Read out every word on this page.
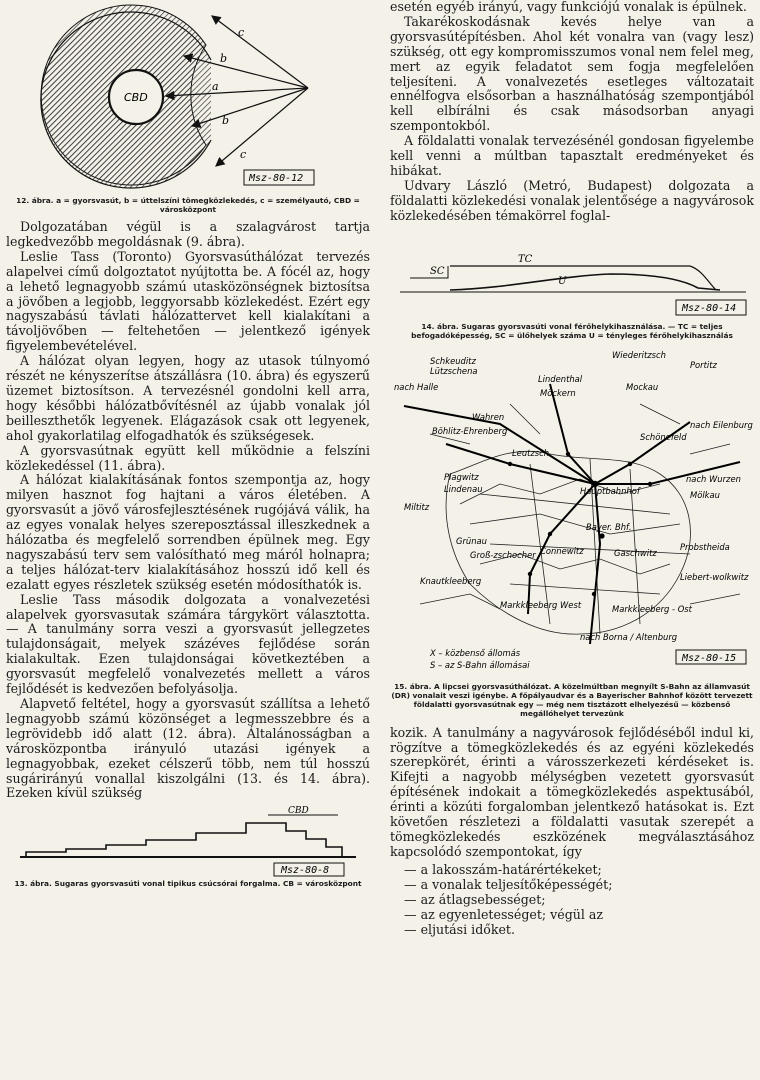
CBD
c
b
a
b
c
Msz-80-12
12. ábra. a = gyorsvasút, b = úttelszíni tömegközlekedés, c = személyautó, CBD = városközpont

Dolgozatában végül is a szalagvárost tartja legkedvezőbb megoldásnak (9. ábra).

Leslie Tass (Toronto) Gyorsvasúthálózat tervezés alapelvei című dolgoztatot nyújtotta be. A fócél az, hogy a lehető legnagyobb számú utasközönségnek biztosítsa a jövőben a legjobb, leggyorsabb közlekedést. Ezért egy nagyszabású távlati hálózattervet kell kialakítani a távoljövőben — feltehetően — jelentkező igények figyelembevételével.

A hálózat olyan legyen, hogy az utasok túlnyomó részét ne kényszerítse átszállásra (10. ábra) és egyszerű üzemet biztosítson. A tervezésnél gondolni kell arra, hogy későbbi hálózatbővítésnél az újabb vonalak jól beilleszthetők legyenek. Elágazások csak ott legyenek, ahol gyakorlatilag elfogadhatók és szükségesek.

A gyorsvasútnak együtt kell működnie a felszíni közlekedéssel (11. ábra).

A hálózat kialakításának fontos szempontja az, hogy milyen hasznot fog hajtani a város életében. A gyorsvasút a jövő városfejlesztésének rugójává válik, ha az egyes vonalak helyes szereposztással illeszkednek a hálózatba és megfelelő sorrendben épülnek meg. Egy nagyszabású terv sem valósítható meg máról holnapra; a teljes hálózat-terv kialakításához hosszú idő kell és ezalatt egyes részletek szükség esetén módosíthatók is.

Leslie Tass második dolgozata a vonalvezetési alapelvek gyorsvasutak számára tárgykört választotta. — A tanulmány sorra veszi a gyorsvasút jellegzetes tulajdonságait, melyek százéves fejlődése során kialakultak. Ezen tulajdonságai következtében a gyorsvasút megfelelő vonalvezetés mellett a város fejlődését is kedvezően befolyásolja.

Alapvető feltétel, hogy a gyorsvasút szállítsa a lehető legnagyobb számú közönséget a legmesszebbre és a legrövidebb idő alatt (12. ábra). Általánosságban a városközpontba irányuló utazási igények a legnagyobbak, ezeket célszerű több, nem túl hosszú sugárirányú vonallal kiszolgálni (13. és 14. ábra). Ezeken kívül szükség

CBD
Msz-80-8
13. ábra. Sugaras gyorsvasúti vonal tipikus csúcsórai forgalma. CB = városközpont

esetén egyéb irányú, vagy funkciójú vonalak is épülnek.

Takarékoskodásnak kevés helye van a gyorsvasútépítésben. Ahol két vonalra van (vagy lesz) szükség, ott egy kompromisszumos vonal nem felel meg, mert az egyik feladatot sem fogja megfelelően teljesíteni. A vonalvezetés esetleges változatait ennélfogva elsősorban a használhatóság szempontjából kell elbírálni és csak másodsorban anyagi szempontokból.

A földalatti vonalak tervezésénél gondosan figyelembe kell venni a múltban tapasztalt eredményeket és hibákat.

Udvary László (Metró, Budapest) dolgozata a földalatti közlekedési vonalak jelentősége a nagyvárosok közlekedésében témakörrel foglal-

TC
SC
U
Msz-80-14
14. ábra. Sugaras gyorsvasúti vonal férőhelykihasználása. — TC = teljes befogadóképesség, SC = ülőhelyek száma U = tényleges férőhelykihasználás
Schkeuditz
Lützschena
nach Halle
Wiederitzsch
Portitz
Lindenthal
Möckern
Mockau
Wahren
Böhlitz-Ehrenberg
Schönefeld
nach Eilenburg
Leutzsch
Plagwitz
Lindenau	Hauptbahnhof
nach Wurzen
Mölkau
Miltitz
Bayer. Bhf.
Grünau
Groß-zschocher Connewitz	Gaschwitz
Probstheida
Knautkleeberg	Liebert-wolkwitz
Markkleeberg West	Markkleeberg - Ost
nach Borna / Altenburg
X – közbenső állomás
S – az S-Bahn állomásai
Msz-80-15
15. ábra. A lipcsei gyorsvasúthálózat. A közelmúltban megnyílt S-Bahn az államvasút (DR) vonalait veszi igénybe. A főpályaudvar és a Bayerischer Bahnhof között tervezett földalatti gyorsvasútnak egy — még nem tisztázott elhelyezésű — közbenső megállóhelyet tervezünk

kozik. A tanulmány a nagyvárosok fejlődéséből indul ki, rögzítve a tömegközlekedés és az egyéni közlekedés szerepkörét, érinti a városszerkezeti kérdéseket is. Kifejti a nagyobb mélységben vezetett gyorsvasút építésének indokait a tömegközlekedés aspektusából, érinti a közúti forgalomban jelentkező hatásokat is. Ezt követően részletezi a földalatti vasutak szerepét a tömegközlekedés eszközének megválasztásához kapcsolódó szempontokat, így

— a lakosszám-határértékeket;
— a vonalak teljesítőképességét;
— az átlagsebességet;
— az egyenletességet; végül az
— eljutási időket.
